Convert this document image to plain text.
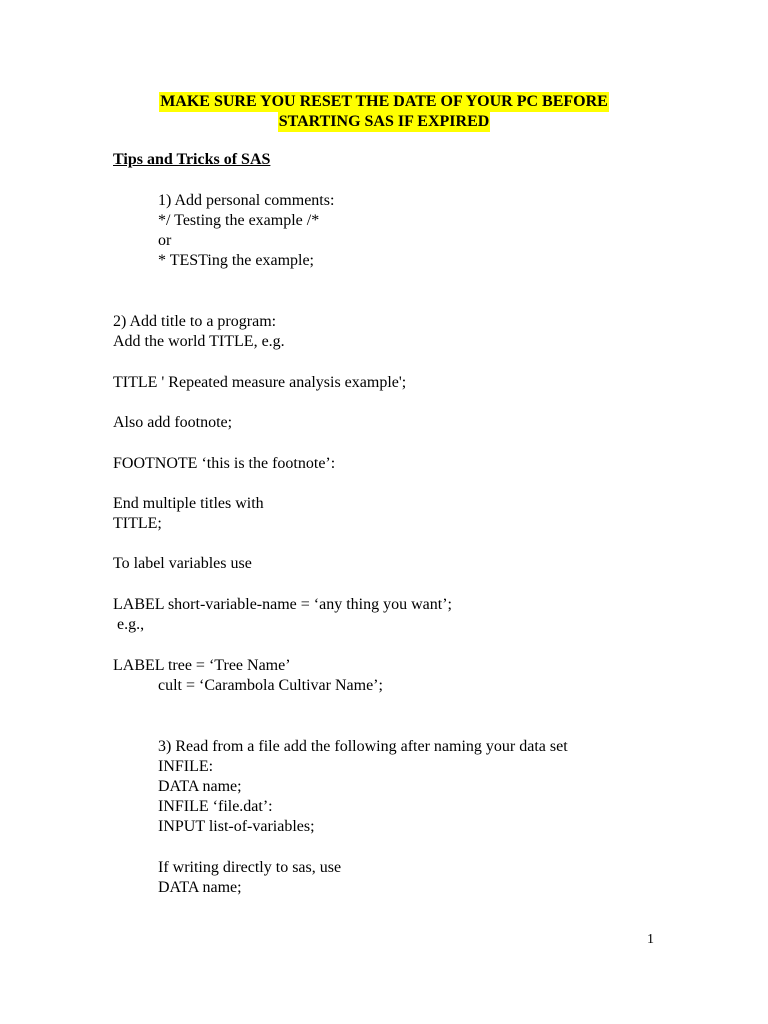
MAKE SURE YOU RESET THE DATE OF YOUR PC BEFORE
STARTING SAS IF EXPIRED
Tips and Tricks of SAS
1) Add personal comments:
*/ Testing the example /*
or
* TESTing the example;
2) Add title to a program:
Add the world TITLE, e.g.
TITLE ' Repeated measure analysis example';
Also add footnote;
FOOTNOTE ‘this is the footnote’:
End multiple titles with
TITLE;
To label variables use
LABEL short-variable-name = ‘any thing you want’;
e.g.,
LABEL tree = ‘Tree Name’
cult = ‘Carambola Cultivar Name’;
3) Read from a file add the following after naming your data set
INFILE:
DATA name;
INFILE ‘file.dat’:
INPUT list-of-variables;
If writing directly to sas, use
DATA name;
1
